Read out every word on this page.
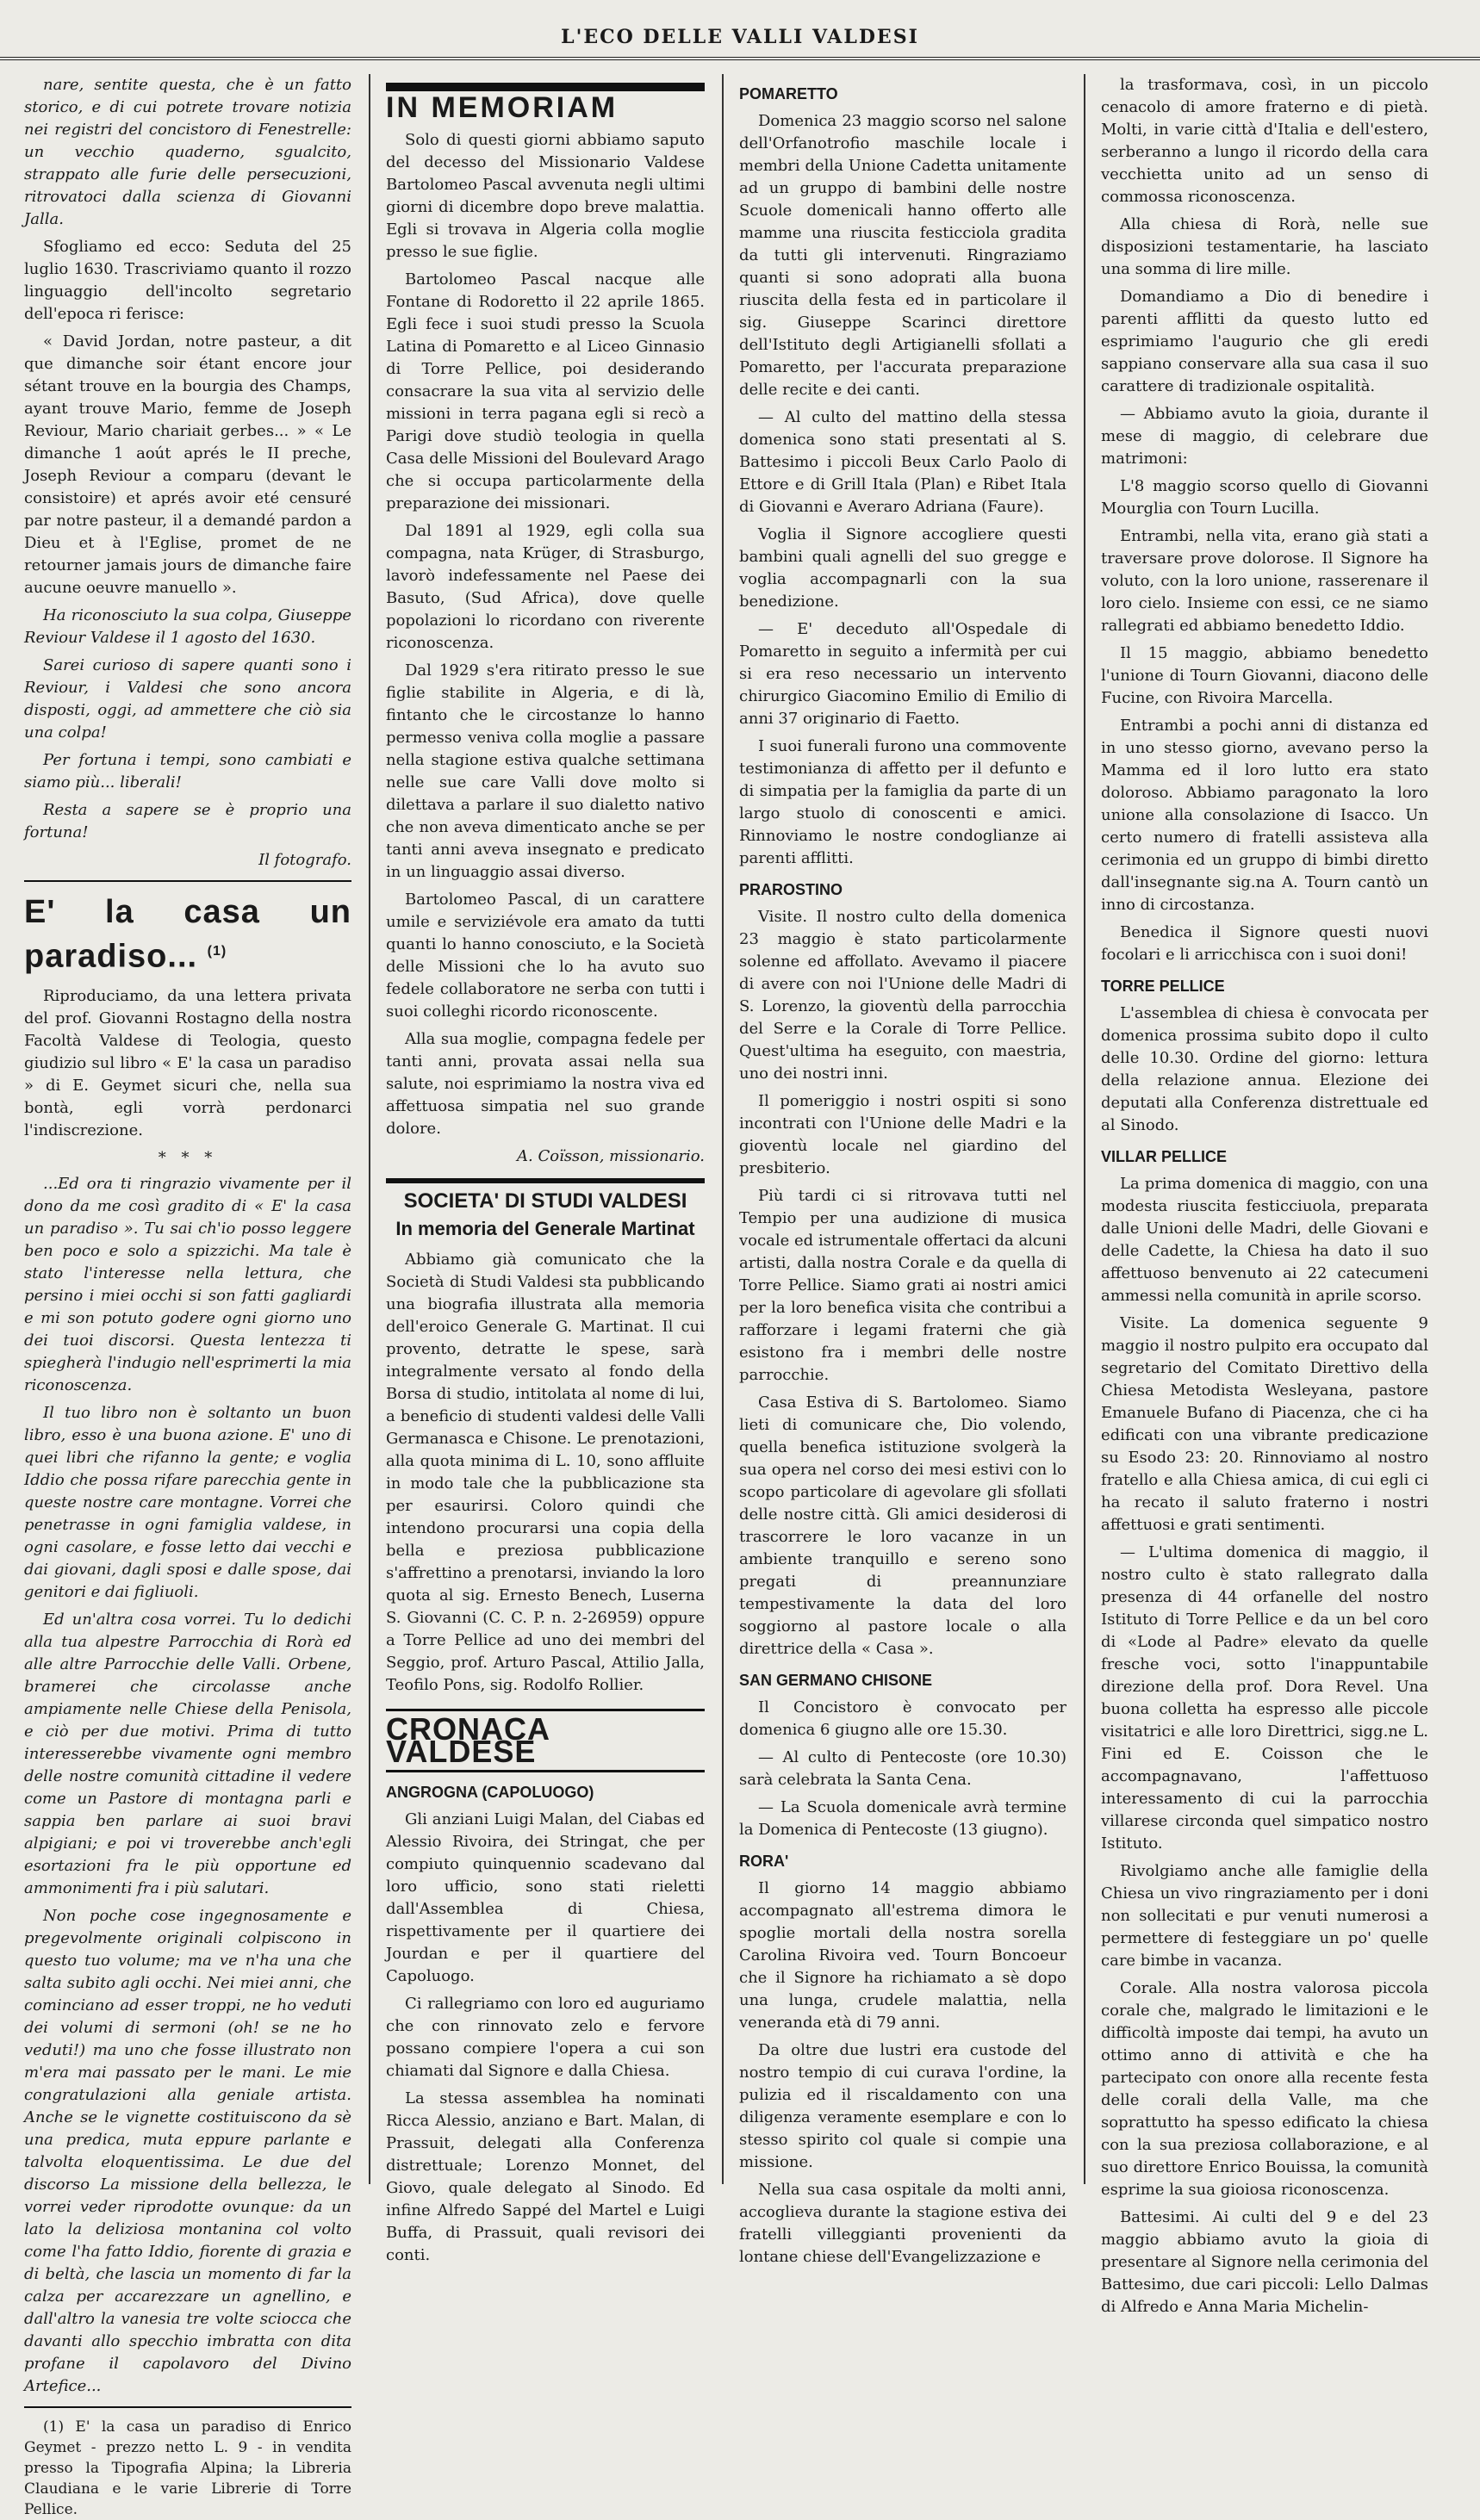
L'ECO DELLE VALLI VALDESI

nare, sentite questa, che è un fatto storico, e di cui potrete trovare notizia nei registri del concistoro di Fenestrelle: un vecchio quaderno, sgualcito, strappato alle furie delle persecuzioni, ritrovatoci dalla scienza di Giovanni Jalla.

Sfogliamo ed ecco: Seduta del 25 luglio 1630. Trascriviamo quanto il rozzo linguaggio dell'incolto segretario dell'epoca ri ferisce:

« David Jordan, notre pasteur, a dit que dimanche soir étant encore jour sétant trouve en la bourgia des Champs, ayant trouve Mario, femme de Joseph Reviour, Mario chariait gerbes... » « Le dimanche 1 aoút aprés le II preche, Joseph Reviour a comparu (devant le consistoire) et aprés avoir eté censuré par notre pasteur, il a demandé pardon a Dieu et à l'Eglise, promet de ne retourner jamais jours de dimanche faire aucune oeuvre manuello ».

Ha riconosciuto la sua colpa, Giuseppe Reviour Valdese il 1 agosto del 1630.

Sarei curioso di sapere quanti sono i Reviour, i Valdesi che sono ancora disposti, oggi, ad ammettere che ciò sia una colpa!

Per fortuna i tempi, sono cambiati e siamo più... liberali!

Resta a sapere se è proprio una fortuna!

Il fotografo.

E' la casa un paradiso... $^{(1)}$

Riproduciamo, da una lettera privata del prof. Giovanni Rostagno della nostra Facoltà Valdese di Teologia, questo giudizio sul libro « E' la casa un paradiso » di E. Geymet sicuri che, nella sua bontà, egli vorrà perdonarci l'indiscrezione.

* * *

...Ed ora ti ringrazio vivamente per il dono da me così gradito di « E' la casa un paradiso ». Tu sai ch'io posso leggere ben poco e solo a spizzichi. Ma tale è stato l'interesse nella lettura, che persino i miei occhi si son fatti gagliardi e mi son potuto godere ogni giorno uno dei tuoi discorsi. Questa lentezza ti spiegherà l'indugio nell'esprimerti la mia riconoscenza.

Il tuo libro non è soltanto un buon libro, esso è una buona azione. E' uno di quei libri che rifanno la gente; e voglia Iddio che possa rifare parecchia gente in queste nostre care montagne. Vorrei che penetrasse in ogni famiglia valdese, in ogni casolare, e fosse letto dai vecchi e dai giovani, dagli sposi e dalle spose, dai genitori e dai figliuoli.

Ed un'altra cosa vorrei. Tu lo dedichi alla tua alpestre Parrocchia di Rorà ed alle altre Parrocchie delle Valli. Orbene, bramerei che circolasse anche ampiamente nelle Chiese della Penisola, e ciò per due motivi. Prima di tutto interesserebbe vivamente ogni membro delle nostre comunità cittadine il vedere come un Pastore di montagna parli e sappia ben parlare ai suoi bravi alpigiani; e poi vi troverebbe anch'egli esortazioni fra le più opportune ed ammonimenti fra i più salutari.

Non poche cose ingegnosamente e pregevolmente originali colpiscono in questo tuo volume; ma ve n'ha una che salta subito agli occhi. Nei miei anni, che cominciano ad esser troppi, ne ho veduti dei volumi di sermoni (oh! se ne ho veduti!) ma uno che fosse illustrato non m'era mai passato per le mani. Le mie congratulazioni alla geniale artista. Anche se le vignette costituiscono da sè una predica, muta eppure parlante e talvolta eloquentissima. Le due del discorso La missione della bellezza, le vorrei veder riprodotte ovunque: da un lato la deliziosa montanina col volto come l'ha fatto Iddio, fiorente di grazia e di beltà, che lascia un momento di far la calza per accarezzare un agnellino, e dall'altro la vanesia tre volte sciocca che davanti allo specchio imbratta con dita profane il capolavoro del Divino Artefice...

(1) E' la casa un paradiso di Enrico Geymet - prezzo netto L. 9 - in vendita presso la Tipografia Alpina; la Libreria Claudiana e le varie Librerie di Torre Pellice.

IN MEMORIAM

Solo di questi giorni abbiamo saputo del decesso del Missionario Valdese Bartolomeo Pascal avvenuta negli ultimi giorni di dicembre dopo breve malattia. Egli si trovava in Algeria colla moglie presso le sue figlie.

Bartolomeo Pascal nacque alle Fontane di Rodoretto il 22 aprile 1865. Egli fece i suoi studi presso la Scuola Latina di Pomaretto e al Liceo Ginnasio di Torre Pellice, poi desiderando consacrare la sua vita al servizio delle missioni in terra pagana egli si recò a Parigi dove studiò teologia in quella Casa delle Missioni del Boulevard Arago che si occupa particolarmente della preparazione dei missionari.

Dal 1891 al 1929, egli colla sua compagna, nata Krüger, di Strasburgo, lavorò indefessamente nel Paese dei Basuto, (Sud Africa), dove quelle popolazioni lo ricordano con riverente riconoscenza.

Dal 1929 s'era ritirato presso le sue figlie stabilite in Algeria, e di là, fintanto che le circostanze lo hanno permesso veniva colla moglie a passare nella stagione estiva qualche settimana nelle sue care Valli dove molto si dilettava a parlare il suo dialetto nativo che non aveva dimenticato anche se per tanti anni aveva insegnato e predicato in un linguaggio assai diverso.

Bartolomeo Pascal, di un carattere umile e serviziévole era amato da tutti quanti lo hanno conosciuto, e la Società delle Missioni che lo ha avuto suo fedele collaboratore ne serba con tutti i suoi colleghi ricordo riconoscente.

Alla sua moglie, compagna fedele per tanti anni, provata assai nella sua salute, noi esprimiamo la nostra viva ed affettuosa simpatia nel suo grande dolore.

A. Coïsson, missionario.

SOCIETA' DI STUDI VALDESI
In memoria del Generale Martinat

Abbiamo già comunicato che la Società di Studi Valdesi sta pubblicando una biografia illustrata alla memoria dell'eroico Generale G. Martinat. Il cui provento, detratte le spese, sarà integralmente versato al fondo della Borsa di studio, intitolata al nome di lui, a beneficio di studenti valdesi delle Valli Germanasca e Chisone. Le prenotazioni, alla quota minima di L. 10, sono affluite in modo tale che la pubblicazione sta per esaurirsi. Coloro quindi che intendono procurarsi una copia della bella e preziosa pubblicazione s'affrettino a prenotarsi, inviando la loro quota al sig. Ernesto Benech, Luserna S. Giovanni (C. C. P. n. 2-26959) oppure a Torre Pellice ad uno dei membri del Seggio, prof. Arturo Pascal, Attilio Jalla, Teofilo Pons, sig. Rodolfo Rollier.

CRONACA VALDESE
ANGROGNA (CAPOLUOGO)

Gli anziani Luigi Malan, del Ciabas ed Alessio Rivoira, dei Stringat, che per compiuto quinquennio scadevano dal loro ufficio, sono stati rieletti dall'Assemblea di Chiesa, rispettivamente per il quartiere dei Jourdan e per il quartiere del Capoluogo.

Ci rallegriamo con loro ed auguriamo che con rinnovato zelo e fervore possano compiere l'opera a cui son chiamati dal Signore e dalla Chiesa.

La stessa assemblea ha nominati Ricca Alessio, anziano e Bart. Malan, di Prassuit, delegati alla Conferenza distrettuale; Lorenzo Monnet, del Giovo, quale delegato al Sinodo. Ed infine Alfredo Sappé del Martel e Luigi Buffa, di Prassuit, quali revisori dei conti.

POMARETTO

Domenica 23 maggio scorso nel salone dell'Orfanotrofio maschile locale i membri della Unione Cadetta unitamente ad un gruppo di bambini delle nostre Scuole domenicali hanno offerto alle mamme una riuscita festicciola gradita da tutti gli intervenuti. Ringraziamo quanti si sono adoprati alla buona riuscita della festa ed in particolare il sig. Giuseppe Scarinci direttore dell'Istituto degli Artigianelli sfollati a Pomaretto, per l'accurata preparazione delle recite e dei canti.

— Al culto del mattino della stessa domenica sono stati presentati al S. Battesimo i piccoli Beux Carlo Paolo di Ettore e di Grill Itala (Plan) e Ribet Itala di Giovanni e Averaro Adriana (Faure).

Voglia il Signore accogliere questi bambini quali agnelli del suo gregge e voglia accompagnarli con la sua benedizione.

— E' deceduto all'Ospedale di Pomaretto in seguito a infermità per cui si era reso necessario un intervento chirurgico Giacomino Emilio di Emilio di anni 37 originario di Faetto.

I suoi funerali furono una commovente testimonianza di affetto per il defunto e di simpatia per la famiglia da parte di un largo stuolo di conoscenti e amici. Rinnoviamo le nostre condoglianze ai parenti afflitti.

PRAROSTINO

Visite. Il nostro culto della domenica 23 maggio è stato particolarmente solenne ed affollato. Avevamo il piacere di avere con noi l'Unione delle Madri di S. Lorenzo, la gioventù della parrocchia del Serre e la Corale di Torre Pellice. Quest'ultima ha eseguito, con maestria, uno dei nostri inni.

Il pomeriggio i nostri ospiti si sono incontrati con l'Unione delle Madri e la gioventù locale nel giardino del presbiterio.

Più tardi ci si ritrovava tutti nel Tempio per una audizione di musica vocale ed istrumentale offertaci da alcuni artisti, dalla nostra Corale e da quella di Torre Pellice. Siamo grati ai nostri amici per la loro benefica visita che contribui a rafforzare i legami fraterni che già esistono fra i membri delle nostre parrocchie.

Casa Estiva di S. Bartolomeo. Siamo lieti di comunicare che, Dio volendo, quella benefica istituzione svolgerà la sua opera nel corso dei mesi estivi con lo scopo particolare di agevolare gli sfollati delle nostre città. Gli amici desiderosi di trascorrere le loro vacanze in un ambiente tranquillo e sereno sono pregati di preannunziare tempestivamente la data del loro soggiorno al pastore locale o alla direttrice della « Casa ».

SAN GERMANO CHISONE

Il Concistoro è convocato per domenica 6 giugno alle ore 15.30.

— Al culto di Pentecoste (ore 10.30) sarà celebrata la Santa Cena.

— La Scuola domenicale avrà termine la Domenica di Pentecoste (13 giugno).

RORA'

Il giorno 14 maggio abbiamo accompagnato all'estrema dimora le spoglie mortali della nostra sorella Carolina Rivoira ved. Tourn Boncoeur che il Signore ha richiamato a sè dopo una lunga, crudele malattia, nella veneranda età di 79 anni.

Da oltre due lustri era custode del nostro tempio di cui curava l'ordine, la pulizia ed il riscaldamento con una diligenza veramente esemplare e con lo stesso spirito col quale si compie una missione.

Nella sua casa ospitale da molti anni, accoglieva durante la stagione estiva dei fratelli villeggianti provenienti da lontane chiese dell'Evangelizzazione e

la trasformava, così, in un piccolo cenacolo di amore fraterno e di pietà. Molti, in varie città d'Italia e dell'estero, serberanno a lungo il ricordo della cara vecchietta unito ad un senso di commossa riconoscenza.

Alla chiesa di Rorà, nelle sue disposizioni testamentarie, ha lasciato una somma di lire mille.

Domandiamo a Dio di benedire i parenti afflitti da questo lutto ed esprimiamo l'augurio che gli eredi sappiano conservare alla sua casa il suo carattere di tradizionale ospitalità.

— Abbiamo avuto la gioia, durante il mese di maggio, di celebrare due matrimoni:

L'8 maggio scorso quello di Giovanni Mourglia con Tourn Lucilla.

Entrambi, nella vita, erano già stati a traversare prove dolorose. Il Signore ha voluto, con la loro unione, rasserenare il loro cielo. Insieme con essi, ce ne siamo rallegrati ed abbiamo benedetto Iddio.

Il 15 maggio, abbiamo benedetto l'unione di Tourn Giovanni, diacono delle Fucine, con Rivoira Marcella.

Entrambi a pochi anni di distanza ed in uno stesso giorno, avevano perso la Mamma ed il loro lutto era stato doloroso. Abbiamo paragonato la loro unione alla consolazione di Isacco. Un certo numero di fratelli assisteva alla cerimonia ed un gruppo di bimbi diretto dall'insegnante sig.na A. Tourn cantò un inno di circostanza.

Benedica il Signore questi nuovi focolari e li arricchisca con i suoi doni!

TORRE PELLICE

L'assemblea di chiesa è convocata per domenica prossima subito dopo il culto delle 10.30. Ordine del giorno: lettura della relazione annua. Elezione dei deputati alla Conferenza distrettuale ed al Sinodo.

VILLAR PELLICE

La prima domenica di maggio, con una modesta riuscita festicciuola, preparata dalle Unioni delle Madri, delle Giovani e delle Cadette, la Chiesa ha dato il suo affettuoso benvenuto ai 22 catecumeni ammessi nella comunità in aprile scorso.

Visite. La domenica seguente 9 maggio il nostro pulpito era occupato dal segretario del Comitato Direttivo della Chiesa Metodista Wesleyana, pastore Emanuele Bufano di Piacenza, che ci ha edificati con una vibrante predicazione su Esodo 23: 20. Rinnoviamo al nostro fratello e alla Chiesa amica, di cui egli ci ha recato il saluto fraterno i nostri affettuosi e grati sentimenti.

— L'ultima domenica di maggio, il nostro culto è stato rallegrato dalla presenza di 44 orfanelle del nostro Istituto di Torre Pellice e da un bel coro di «Lode al Padre» elevato da quelle fresche voci, sotto l'inappuntabile direzione della prof. Dora Revel. Una buona colletta ha espresso alle piccole visitatrici e alle loro Direttrici, sigg.ne L. Fini ed E. Coisson che le accompagnavano, l'affettuoso interessamento di cui la parrocchia villarese circonda quel simpatico nostro Istituto.

Rivolgiamo anche alle famiglie della Chiesa un vivo ringraziamento per i doni non sollecitati e pur venuti numerosi a permettere di festeggiare un po' quelle care bimbe in vacanza.

Corale. Alla nostra valorosa piccola corale che, malgrado le limitazioni e le difficoltà imposte dai tempi, ha avuto un ottimo anno di attività e che ha partecipato con onore alla recente festa delle corali della Valle, ma che soprattutto ha spesso edificato la chiesa con la sua preziosa collaborazione, e al suo direttore Enrico Bouissa, la comunità esprime la sua gioiosa riconoscenza.

Battesimi. Ai culti del 9 e del 23 maggio abbiamo avuto la gioia di presentare al Signore nella cerimonia del Battesimo, due cari piccoli: Lello Dalmas di Alfredo e Anna Maria Michelin-
